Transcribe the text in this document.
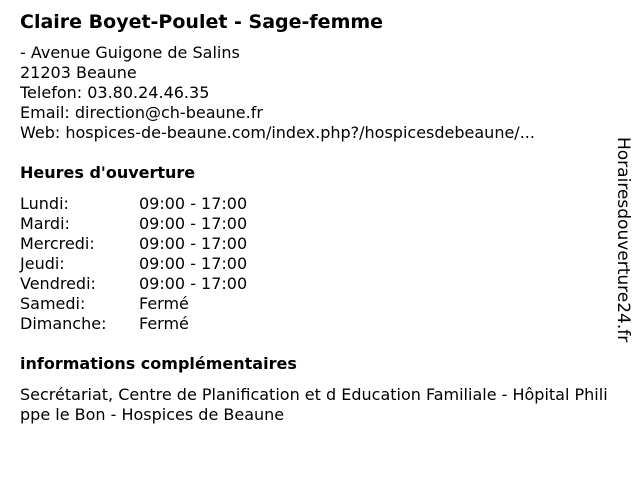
Claire Boyet-Poulet - Sage-femme
- Avenue Guigone de Salins
21203 Beaune
Telefon: 03.80.24.46.35
Email: direction@ch-beaune.fr
Web: hospices-de-beaune.com/index.php?/hospicesdebeaune/...
Heures d'ouverture
Lundi:	09:00 - 17:00
Mardi:	09:00 - 17:00
Mercredi:	09:00 - 17:00
Jeudi:	09:00 - 17:00
Vendredi:	09:00 - 17:00
Samedi:	Fermé
Dimanche:	Fermé
informations complémentaires
Secrétariat, Centre de Planification et d Education Familiale - Hôpital Philippe le Bon - Hospices de Beaune
Horairesdouverture24.fr
